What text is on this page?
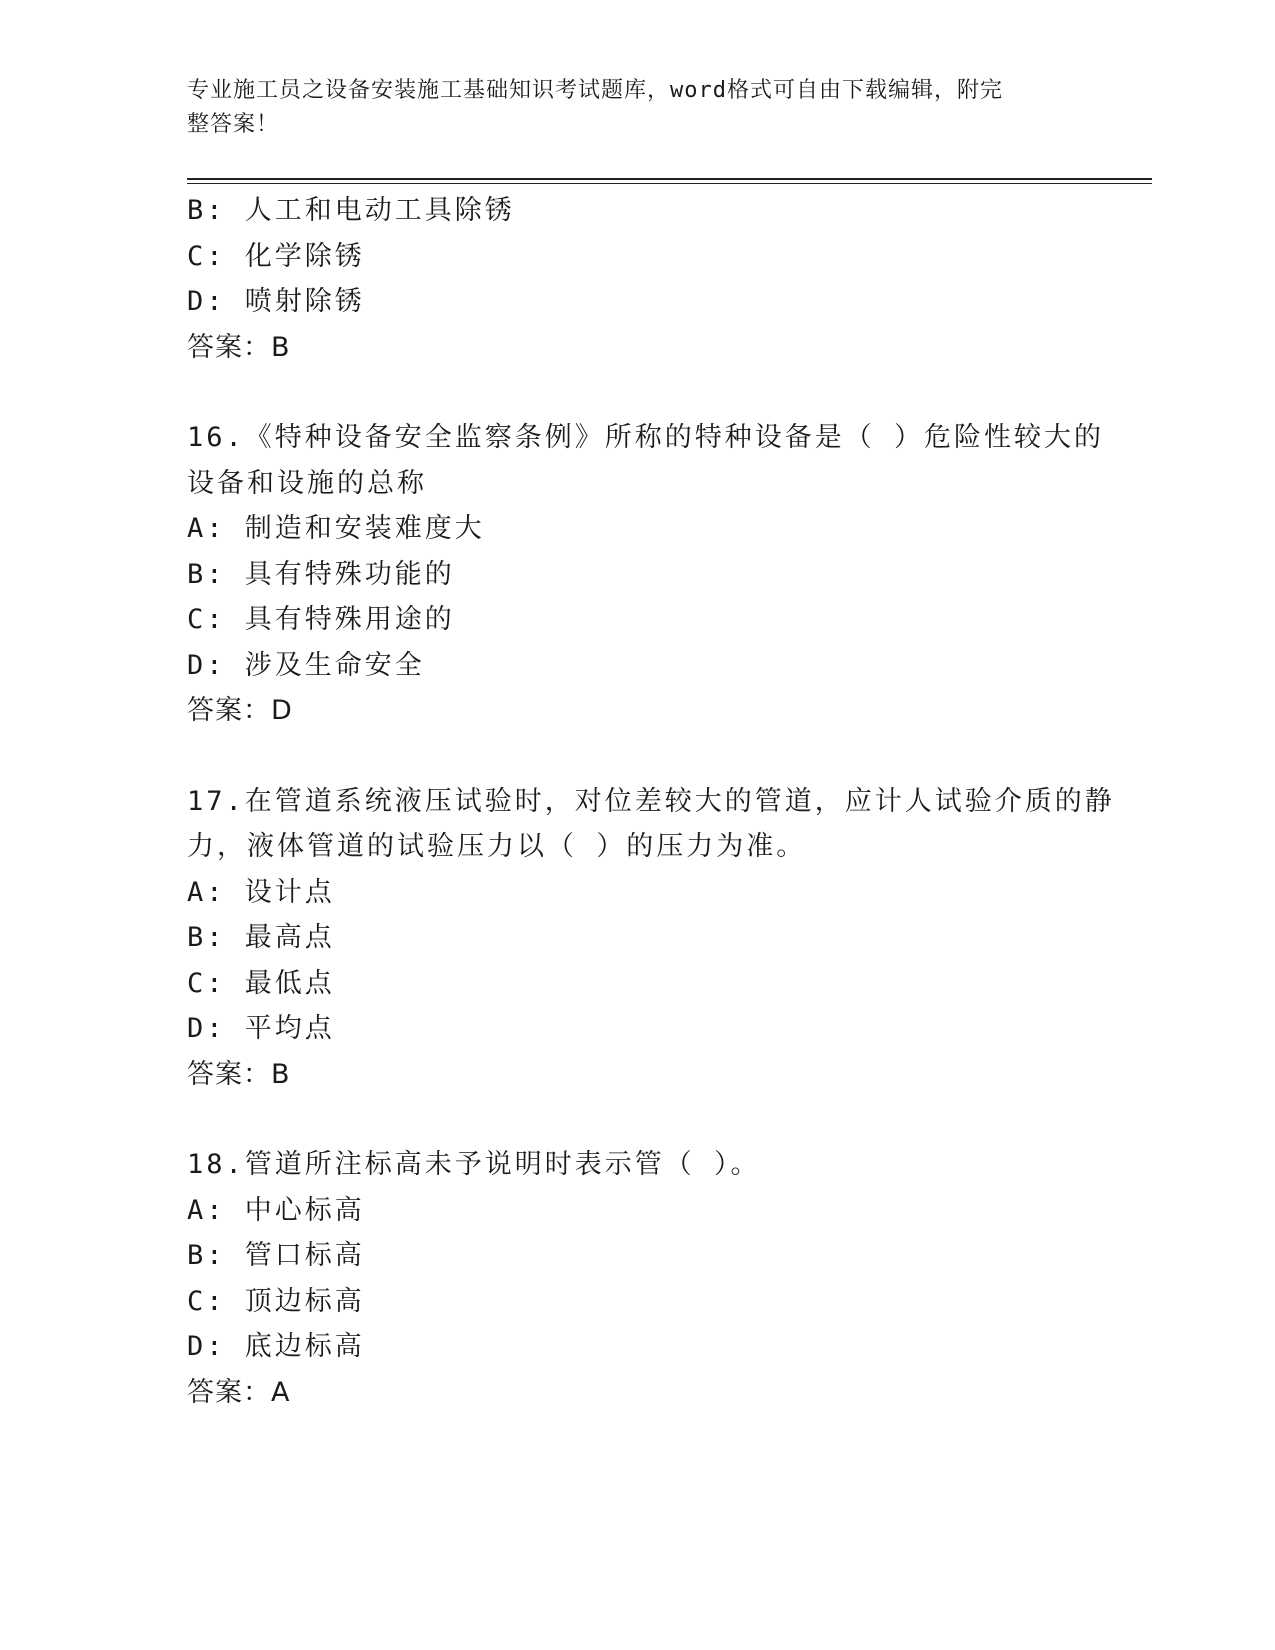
专业施工员之设备安装施工基础知识考试题库，word格式可自由下载编辑，附完
整答案！
B: 人工和电动工具除锈
C: 化学除锈
D: 喷射除锈
答案：B
16.《特种设备安全监察条例》所称的特种设备是（ ）危险性较大的
设备和设施的总称
A: 制造和安装难度大
B: 具有特殊功能的
C: 具有特殊用途的
D: 涉及生命安全
答案：D
17.在管道系统液压试验时，对位差较大的管道，应计人试验介质的静
力，液体管道的试验压力以（ ）的压力为准。
A: 设计点
B: 最高点
C: 最低点
D: 平均点
答案：B
18.管道所注标高未予说明时表示管（ ）。
A: 中心标高
B: 管口标高
C: 顶边标高
D: 底边标高
答案：A
